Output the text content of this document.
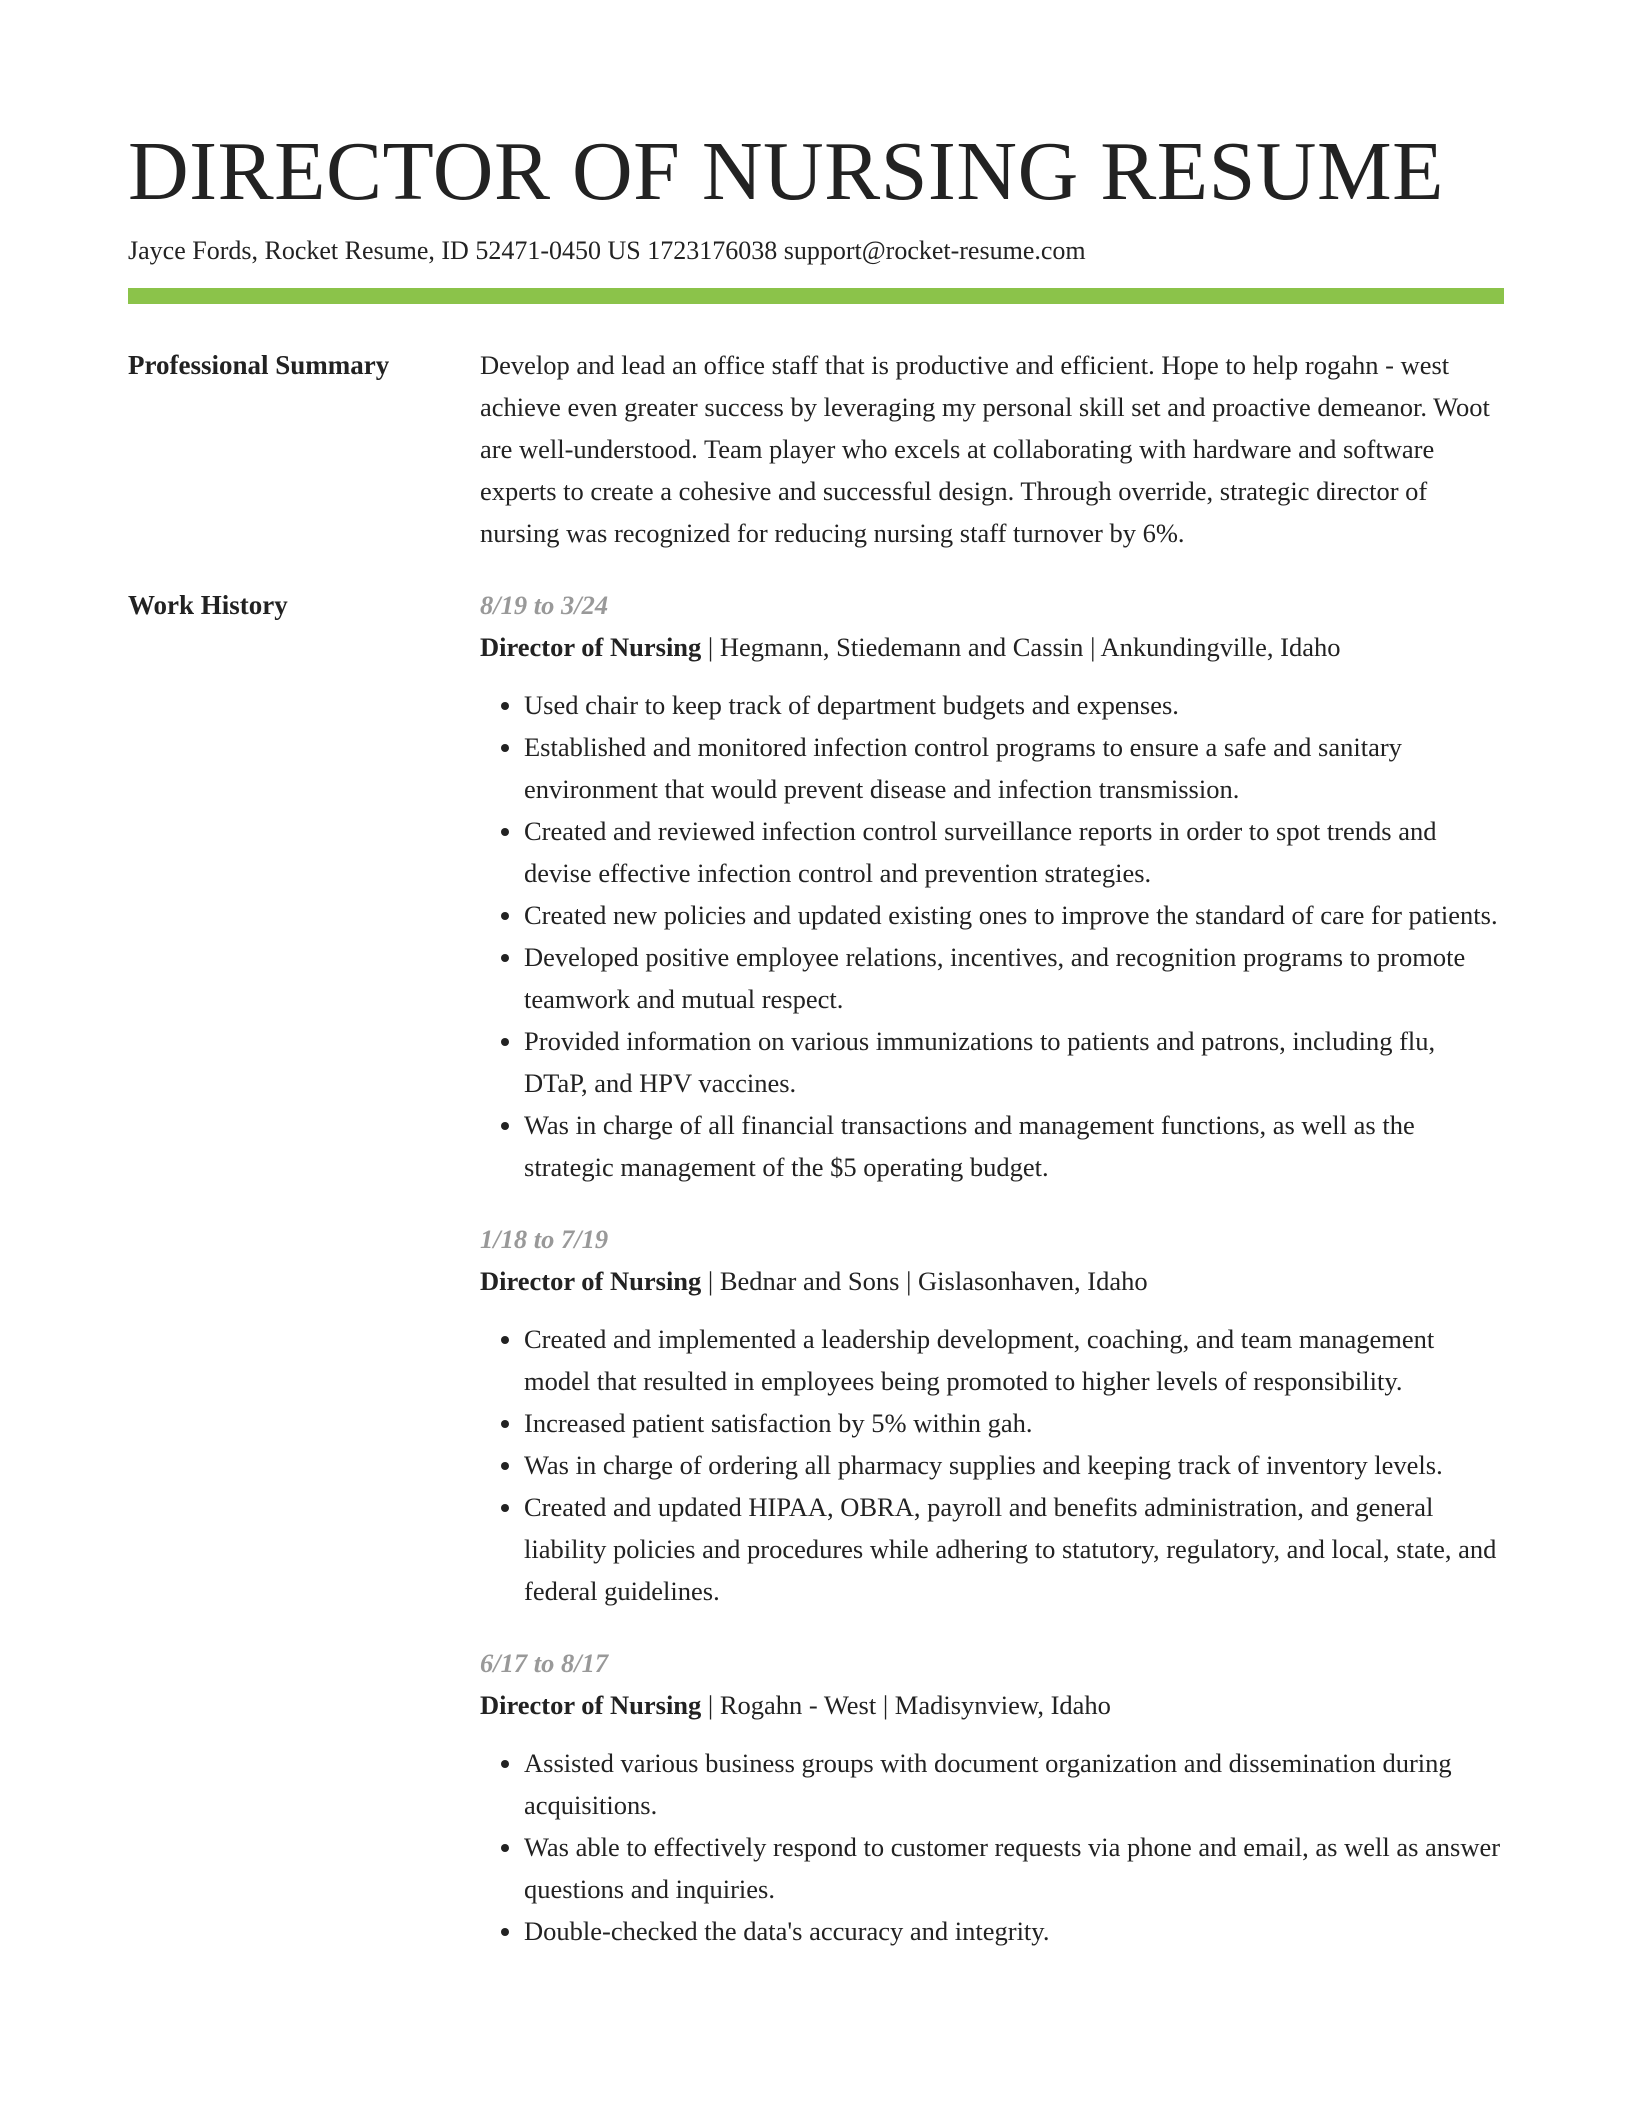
DIRECTOR OF NURSING RESUME
Jayce Fords, Rocket Resume, ID 52471-0450 US 1723176038 support@rocket-resume.com
Professional Summary	Develop and lead an office staff that is productive and efficient. Hope to help rogahn - west achieve even greater success by leveraging my personal skill set and proactive demeanor. Woot are well-understood. Team player who excels at collaborating with hardware and software experts to create a cohesive and successful design. Through override, strategic director of nursing was recognized for reducing nursing staff turnover by 6%.

Work History	8/19 to 3/24
Director of Nursing | Hegmann, Stiedemann and Cassin | Ankundingville, Idaho
• Used chair to keep track of department budgets and expenses.
• Established and monitored infection control programs to ensure a safe and sanitary environment that would prevent disease and infection transmission.
• Created and reviewed infection control surveillance reports in order to spot trends and devise effective infection control and prevention strategies.
• Created new policies and updated existing ones to improve the standard of care for patients.
• Developed positive employee relations, incentives, and recognition programs to promote teamwork and mutual respect.
• Provided information on various immunizations to patients and patrons, including flu, DTaP, and HPV vaccines.
• Was in charge of all financial transactions and management functions, as well as the strategic management of the $5 operating budget.
1/18 to 7/19
Director of Nursing | Bednar and Sons | Gislasonhaven, Idaho
• Created and implemented a leadership development, coaching, and team management model that resulted in employees being promoted to higher levels of responsibility.
• Increased patient satisfaction by 5% within gah.
• Was in charge of ordering all pharmacy supplies and keeping track of inventory levels.
• Created and updated HIPAA, OBRA, payroll and benefits administration, and general liability policies and procedures while adhering to statutory, regulatory, and local, state, and federal guidelines.
6/17 to 8/17
Director of Nursing | Rogahn - West | Madisynview, Idaho
• Assisted various business groups with document organization and dissemination during acquisitions.
• Was able to effectively respond to customer requests via phone and email, as well as answer questions and inquiries.
• Double-checked the data's accuracy and integrity.
